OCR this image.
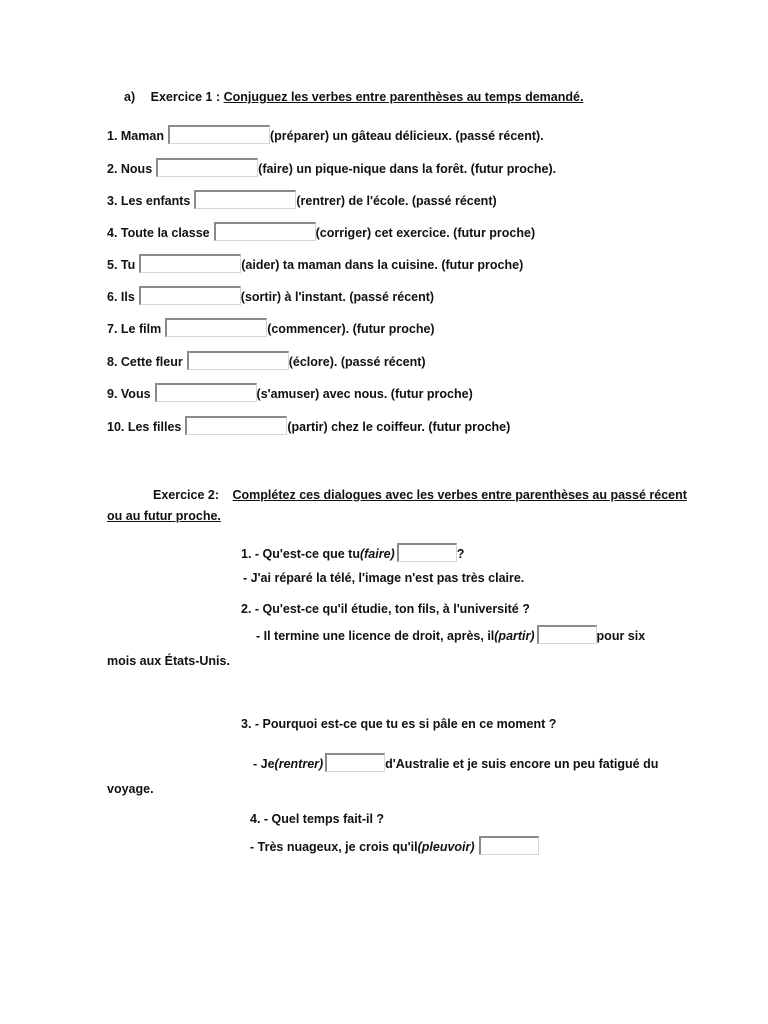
a) Exercice 1 : Conjuguez les verbes entre parenthèses au temps demandé.
1. Maman	(préparer) un gâteau délicieux. (passé récent).
2. Nous	(faire) un pique-nique dans la forêt. (futur proche).
3. Les enfants	(rentrer) de l'école. (passé récent)
4. Toute la classe	(corriger) cet exercice. (futur proche)
5. Tu	(aider) ta maman dans la cuisine. (futur proche)
6. Ils	(sortir) à l'instant. (passé récent)
7. Le film	(commencer). (futur proche)
8. Cette fleur	(éclore). (passé récent)
9. Vous	(s'amuser) avec nous. (futur proche)
10. Les filles	(partir) chez le coiffeur. (futur proche)
Exercice 2: Complétez ces dialogues avec les verbes entre parenthèses au passé récent
ou au futur proche.
1. - Qu'est-ce que tu (faire)	?
- J'ai réparé la télé, l'image n'est pas très claire.
2. - Qu'est-ce qu'il étudie, ton fils, à l'université ?
- Il termine une licence de droit, après, il (partir)	pour six
mois aux États-Unis.
3. - Pourquoi est-ce que tu es si pâle en ce moment ?
- Je (rentrer)	d'Australie et je suis encore un peu fatigué du
voyage.
4. - Quel temps fait-il ?
- Très nuageux, je crois qu'il (pleuvoir)
